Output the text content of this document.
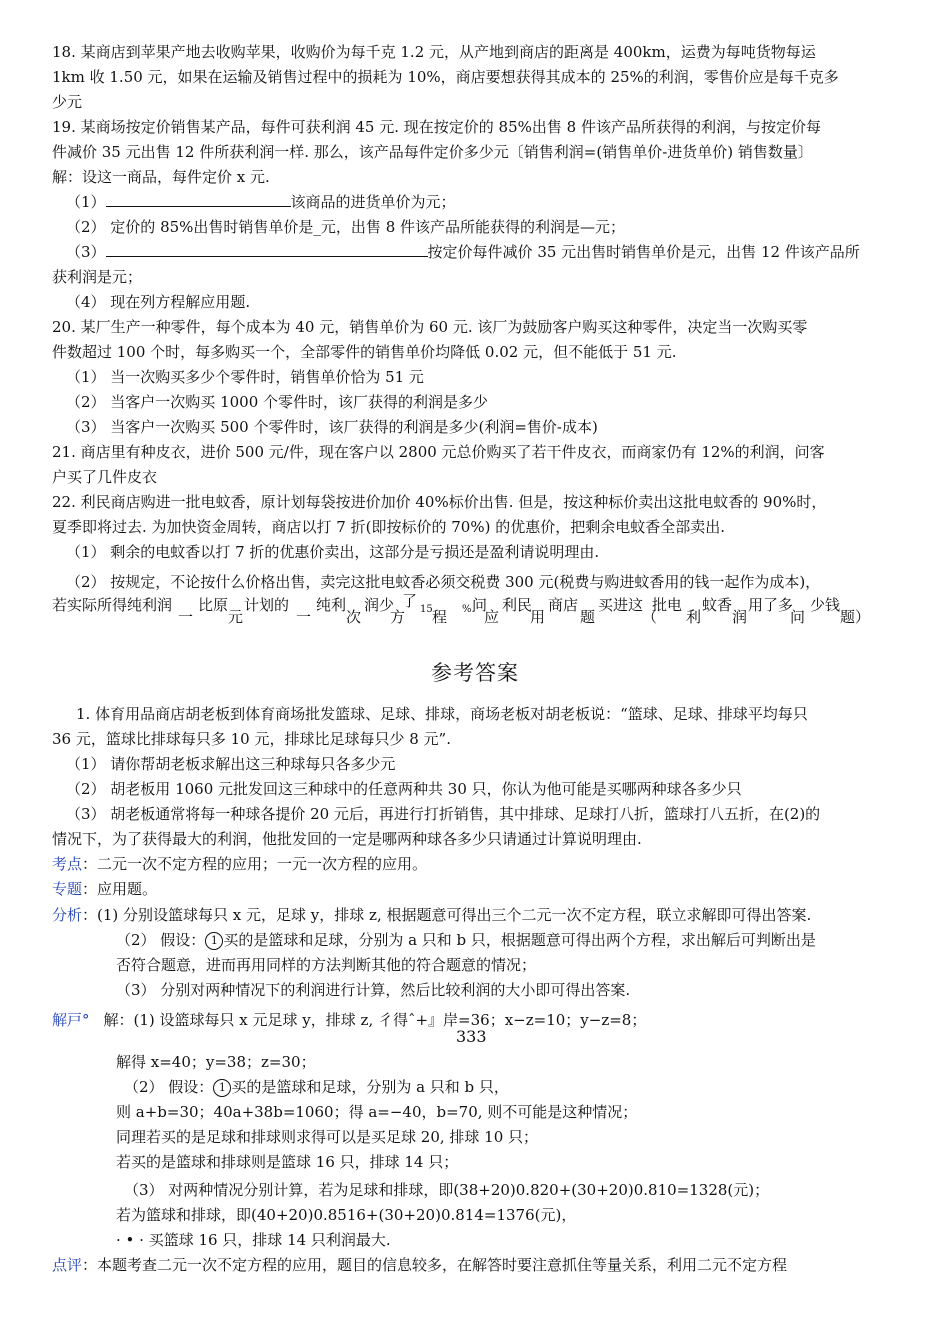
18. 某商店到苹果产地去收购苹果，收购价为每千克 1.2 元，从产地到商店的距离是 400km，运费为每吨货物每运
1km 收 1.50 元，如果在运输及销售过程中的损耗为 10%，商店要想获得其成本的 25%的利润，零售价应是每千克多
少元
19. 某商场按定价销售某产品，每件可获利润 45 元. 现在按定价的 85%出售 8 件该产品所获得的利润，与按定价每
件减价 35 元出售 12 件所获利润一样. 那么，该产品每件定价多少元〔销售利润=(销售单价-进货单价) 销售数量〕
解：设这一商品，每件定价 x 元.
（1）	该商品的进货单价为元；
（2） 定价的 85%出售时销售单价是_元，出售 8 件该产品所能获得的利润是—元；
（3）	按定价每件减价 35 元出售时销售单价是元，出售 12 件该产品所
获利润是元；
（4） 现在列方程解应用题.
20. 某厂生产一种零件，每个成本为 40 元，销售单价为 60 元. 该厂为鼓励客户购买这种零件，决定当一次购买零
件数超过 100 个时，每多购买一个，全部零件的销售单价均降低 0.02 元，但不能低于 51 元.
（1） 当一次购买多少个零件时，销售单价恰为 51 元
（2） 当客户一次购买 1000 个零件时，该厂获得的利润是多少
（3） 当客户一次购买 500 个零件时，该厂获得的利润是多少(利润=售价-成本)
21. 商店里有种皮衣，进价 500 元/件，现在客户以 2800 元总价购买了若干件皮衣，而商家仍有 12%的利润，问客
户买了几件皮衣
22. 利民商店购进一批电蚊香，原计划每袋按进价加价 40%标价出售. 但是，按这种标价卖出这批电蚊香的 90%时，
夏季即将过去. 为加快资金周转，商店以打 7 折(即按标价的 70%) 的优惠价，把剩余电蚊香全部卖出.
（1） 剩余的电蚊香以打 7 折的优惠价卖出，这部分是亏损还是盈利请说明理由.
（2） 按规定，不论按什么价格出售，卖完这批电蚊香必须交税费 300 元(税费与购进蚊香用的钱一起作为成本)，
若实际所得纯利润
一
比原
元
计划的
一
纯利
次
润少 了
方 15 程 %.
问
应
利民
用
商店
题
买进这
（
批电
利
蚊香
润
用了多
问
少钱
题）
参考答案
1. 体育用品商店胡老板到体育商场批发篮球、足球、排球，商场老板对胡老板说：“篮球、足球、排球平均每只
36 元，篮球比排球每只多 10 元，排球比足球每只少 8 元”.
（1） 请你帮胡老板求解出这三种球每只各多少元
（2） 胡老板用 1060 元批发回这三种球中的任意两种共 30 只，你认为他可能是买哪两种球各多少只
（3） 胡老板通常将每一种球各提价 20 元后，再进行打折销售，其中排球、足球打八折，篮球打八五折，在(2)的
情况下，为了获得最大的利润，他批发回的一定是哪两种球各多少只请通过计算说明理由.
考点：二元一次不定方程的应用；一元一次方程的应用。
专题：应用题。
分析：(1) 分别设篮球每只 x 元，足球 y，排球 z, 根据题意可得出三个二元一次不定方程，联立求解即可得出答案.
（2） 假设： 1 买的是篮球和足球，分别为 a 只和 b 只，根据题意可得出两个方程，求出解后可判断出是
否符合题意，进而再用同样的方法判断其他的符合题意的情况；
（3） 分别对两种情况下的利润进行计算，然后比较利润的大小即可得出答案.
解戸° 解：(1) 设篮球每只 x 元足球 y，排球 z, 彳得ˆ+』岸=36；x−z=10；y−z=8；
333
解得 x=40；y=38；z=30；
（2） 假设： 1 买的是篮球和足球，分别为 a 只和 b 只，
则 a+b=30；40a+38b=1060；得 a=−40，b=70, 则不可能是这种情况；
同理若买的是足球和排球则求得可以是买足球 20, 排球 10 只；
若买的是篮球和排球则是篮球 16 只，排球 14 只；
（3） 对两种情况分别计算，若为足球和排球，即(38+20)0.820+(30+20)0.810=1328(元)；
若为篮球和排球，即(40+20)0.8516+(30+20)0.814=1376(元)，
· • · 买篮球 16 只，排球 14 只利润最大.
点评：本题考查二元一次不定方程的应用，题目的信息较多，在解答时要注意抓住等量关系，利用二元不定方程
